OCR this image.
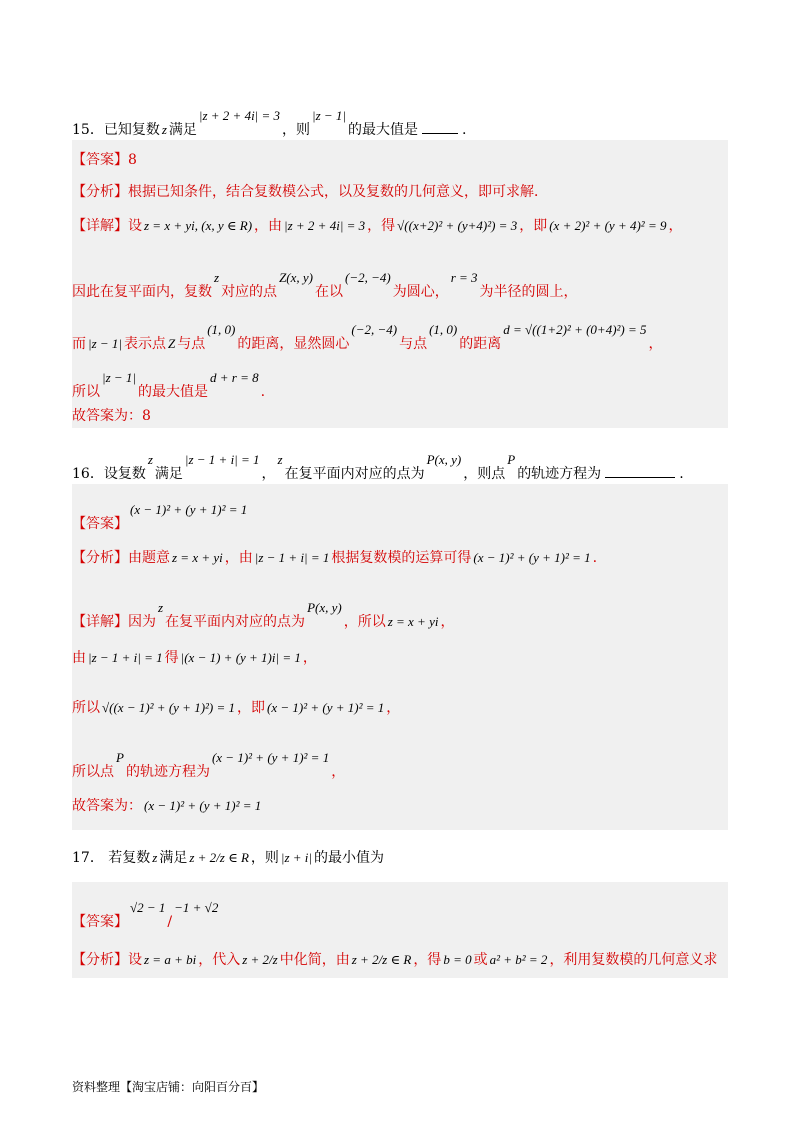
15．已知复数 z 满足|z + 2 + 4i| = 3，则|z − 1|的最大值是	.
【答案】8
【分析】根据已知条件，结合复数模公式，以及复数的几何意义，即可求解．
【详解】设 z = x + yi, (x, y ∈ R) ，由 |z + 2 + 4i| = 3 ，得 √((x+2)² + (y+4)²) = 3 ，即 (x + 2)² + (y + 4)² = 9 ，
因此在复平面内，复数z对应的点Z(x, y)在以(−2, −4)为圆心，r = 3为半径的圆上，
而 |z − 1| 表示点 Z 与点(1, 0)的距离，显然圆心(−2, −4)与点(1, 0)的距离d = √((1+2)² + (0+4)²) = 5，
所以|z − 1|的最大值是d + r = 8.
故答案为：8
16．设复数z满足|z − 1 + i| = 1，z在复平面内对应的点为P(x, y)，则点P的轨迹方程为	.
【答案】(x − 1)² + (y + 1)² = 1
【分析】由题意 z = x + yi ，由 |z − 1 + i| = 1 根据复数模的运算可得 (x − 1)² + (y + 1)² = 1 .
【详解】因为z在复平面内对应的点为P(x, y)，所以 z = x + yi ，
由 |z − 1 + i| = 1 得 |(x − 1) + (y + 1)i| = 1 ，
所以 √((x − 1)² + (y + 1)²) = 1 ，即 (x − 1)² + (y + 1)² = 1 ，
所以点P的轨迹方程为(x − 1)² + (y + 1)² = 1，
故答案为： (x − 1)² + (y + 1)² = 1
17． 若复数 z 满足 z + 2/z ∈ R ，则 |z + i| 的最小值为
【答案】√2 − 1/−1 + √2
【分析】设 z = a + bi ，代入 z + 2/z 中化简，由 z + 2/z ∈ R ，得 b = 0 或 a² + b² = 2 ，利用复数模的几何意义求
资料整理【淘宝店铺：向阳百分百】
